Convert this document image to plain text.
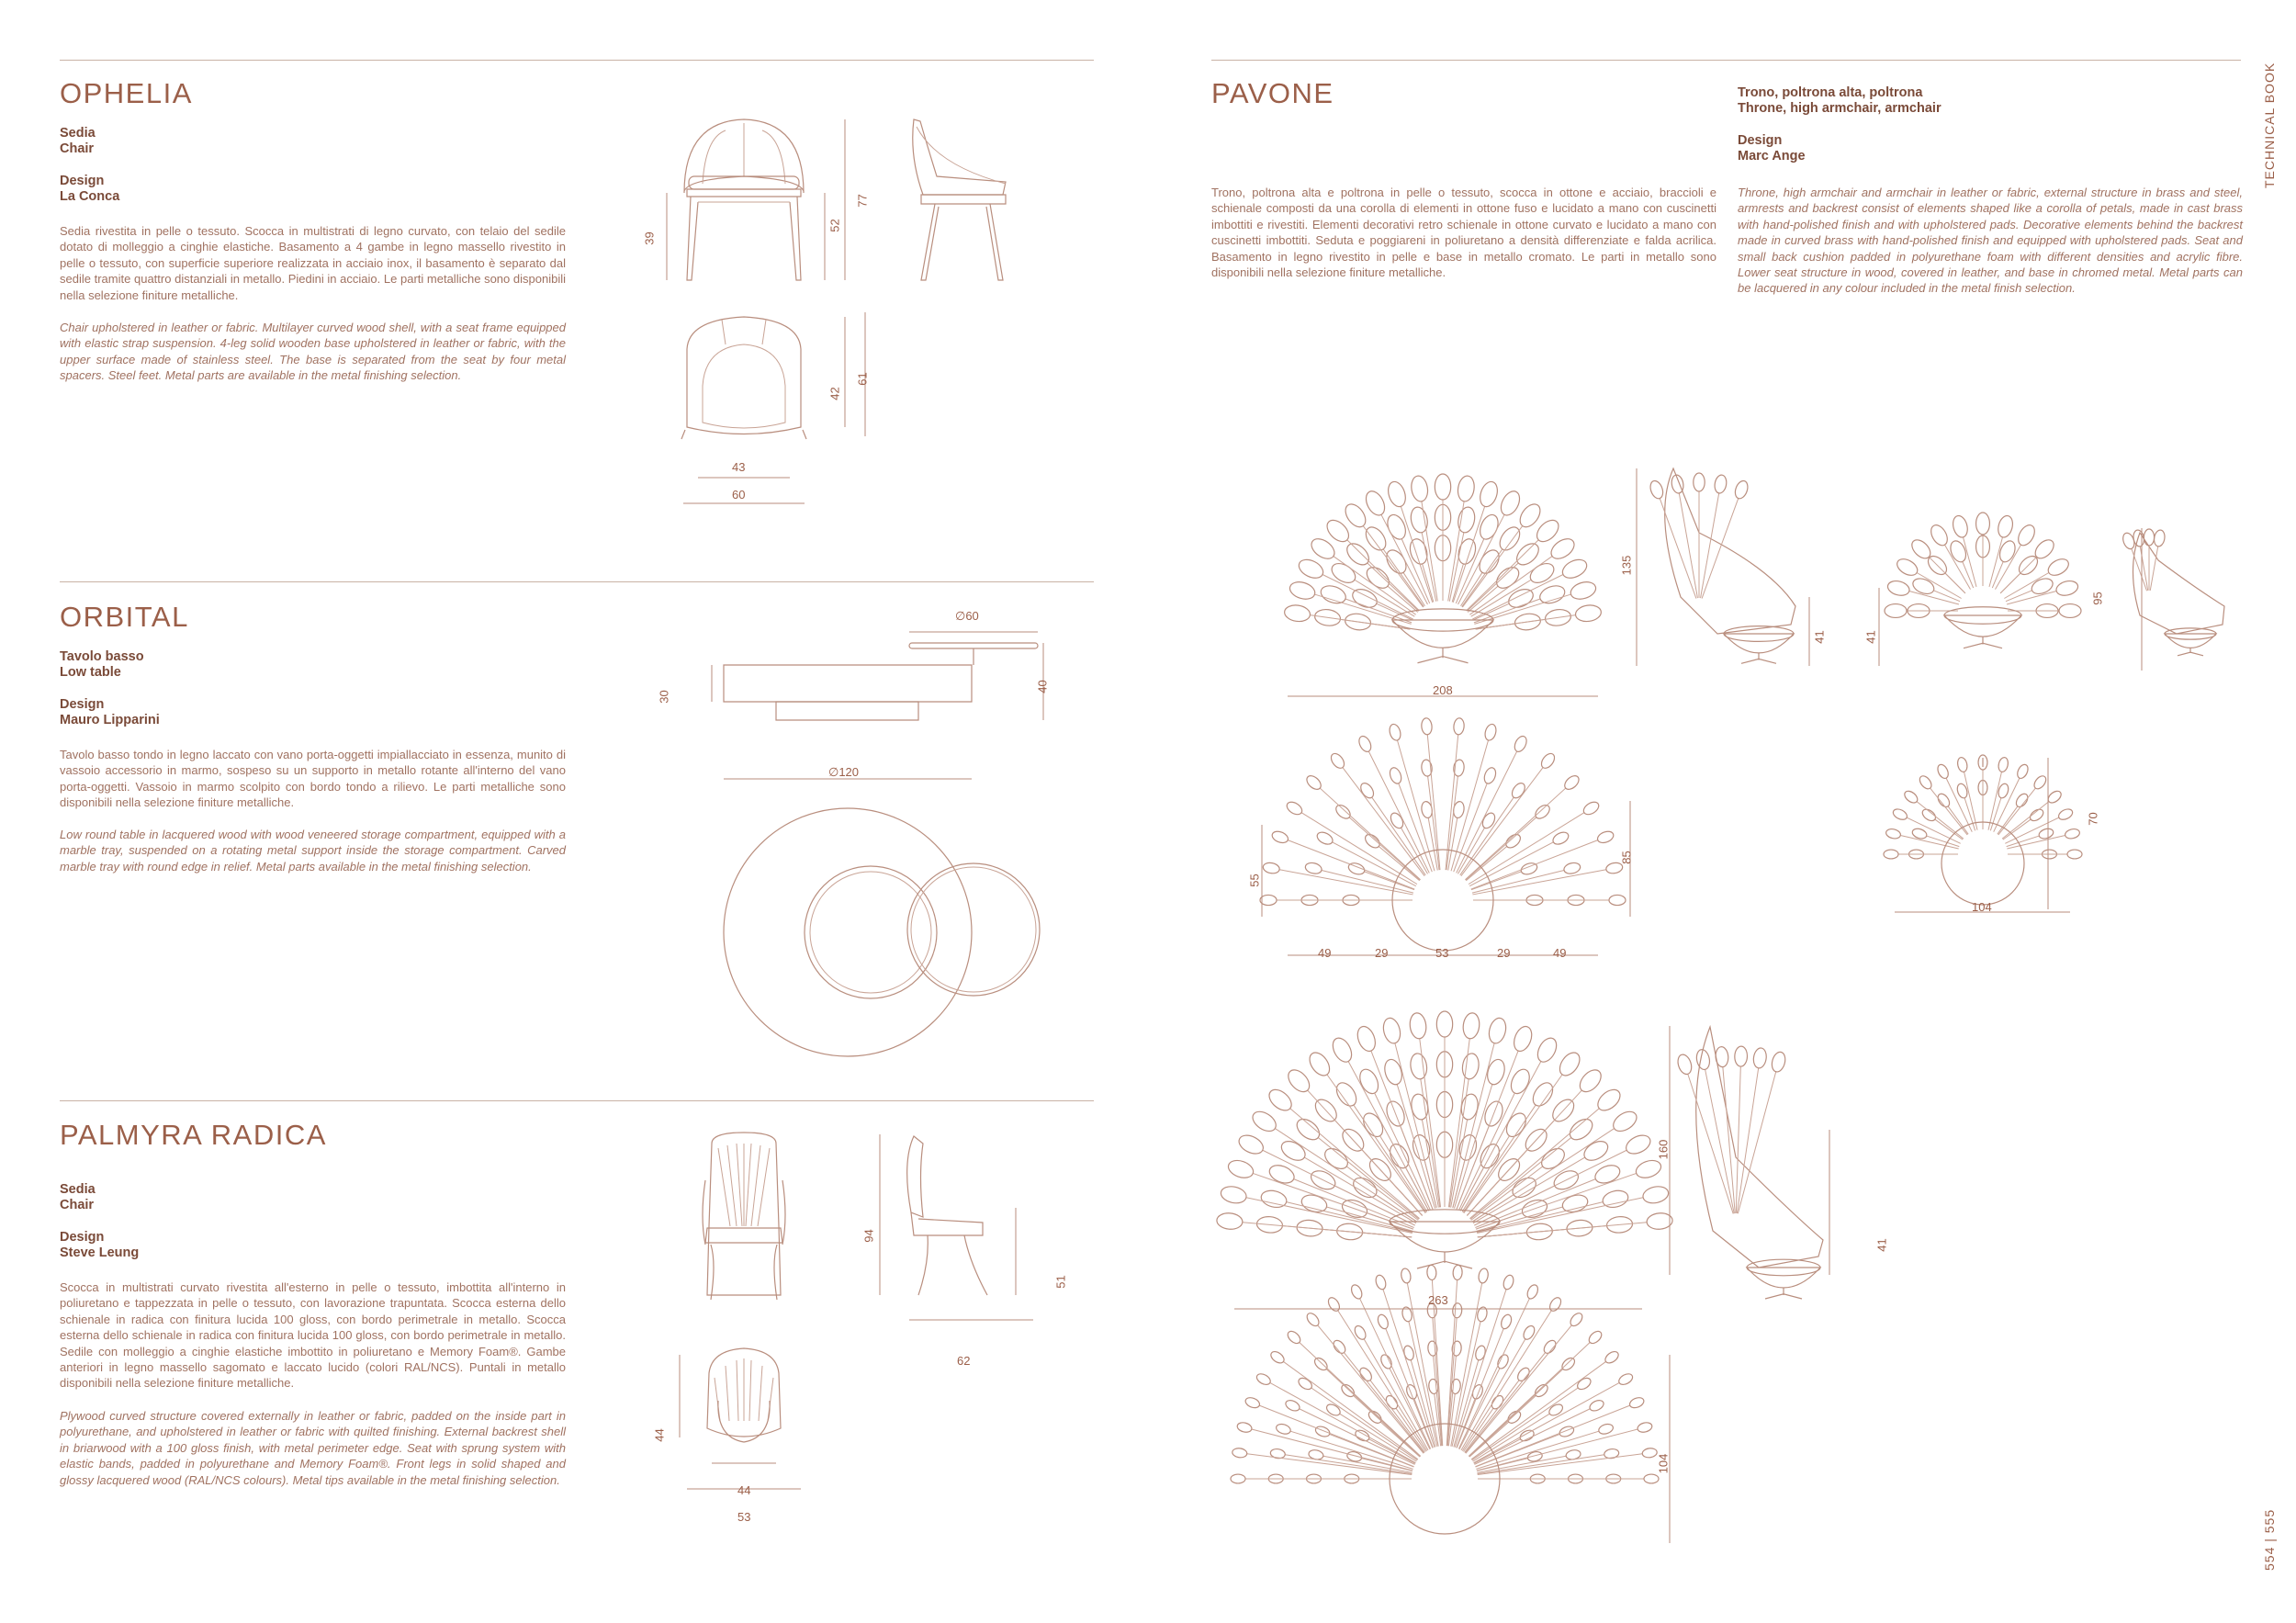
TECHNICAL BOOK
554 | 555
OPHELIA
Sedia
Chair
Design
La Conca
Sedia rivestita in pelle o tessuto. Scocca in multistrati di legno curvato, con telaio del sedile dotato di molleggio a cinghie elastiche. Basamento a 4 gambe in legno massello rivestito in pelle o tessuto, con superficie superiore realizzata in acciaio inox, il basamento è separato dal sedile tramite quattro distanziali in metallo. Piedini in acciaio. Le parti metalliche sono disponibili nella selezione finiture metalliche.
Chair upholstered in leather or fabric. Multilayer curved wood shell, with a seat frame equipped with elastic strap suspension. 4-leg solid wooden base upholstered in leather or fabric, with the upper surface made of stainless steel. The base is separated from the seat by four metal spacers. Steel feet. Metal parts are available in the metal finishing selection.
39
52
77
42
61
43
60
ORBITAL
Tavolo basso
Low table
Design
Mauro Lipparini
Tavolo basso tondo in legno laccato con vano porta-oggetti impiallacciato in essenza, munito di vassoio accessorio in marmo, sospeso su un supporto in metallo rotante all'interno del vano porta-oggetti. Vassoio in marmo scolpito con bordo tondo a rilievo. Le parti metalliche sono disponibili nella selezione finiture metalliche.
Low round table in lacquered wood with wood veneered storage compartment, equipped with a marble tray, suspended on a rotating metal support inside the storage compartment. Carved marble tray with round edge in relief. Metal parts available in the metal finishing selection.
∅60
30
40
∅120
PALMYRA RADICA
Sedia
Chair
Design
Steve Leung
Scocca in multistrati curvato rivestita all'esterno in pelle o tessuto, imbottita all'interno in poliuretano e tappezzata in pelle o tessuto, con lavorazione trapuntata. Scocca esterna dello schienale in radica con finitura lucida 100 gloss, con bordo perimetrale in metallo. Scocca esterna dello schienale in radica con finitura lucida 100 gloss, con bordo perimetrale in metallo. Sedile con molleggio a cinghie elastiche imbottito in poliuretano e Memory Foam®. Gambe anteriori in legno massello sagomato e laccato lucido (colori RAL/NCS). Puntali in metallo disponibili nella selezione finiture metalliche.
Plywood curved structure covered externally in leather or fabric, padded on the inside part in polyurethane, and upholstered in leather or fabric with quilted finishing. External backrest shell in briarwood with a 100 gloss finish, with metal perimeter edge. Seat with sprung system with elastic bands, padded in polyurethane and Memory Foam®. Front legs in solid shaped and glossy lacquered wood (RAL/NCS colours). Metal tips available in the metal finishing selection.
94
51
62
44
44
53
PAVONE	Trono, poltrona alta, poltrona
Throne, high armchair, armchair
Design
Marc Ange
Trono, poltrona alta e poltrona in pelle o tessuto, scocca in ottone e acciaio, braccioli e schienale composti da una corolla di elementi in ottone fuso e lucidato a mano con cuscinetti imbottiti e rivestiti. Elementi decorativi retro schienale in ottone curvato e lucidato a mano con cuscinetti imbottiti. Seduta e poggiareni in poliuretano a densità differenziate e falda acrilica. Basamento in legno rivestito in pelle e base in metallo cromato. Le parti in metallo sono disponibili nella selezione finiture metalliche.
Throne, high armchair and armchair in leather or fabric, external structure in brass and steel, armrests and backrest consist of elements shaped like a corolla of petals, made in cast brass with hand-polished finish and with upholstered pads. Decorative elements behind the backrest made in curved brass with hand-polished finish and equipped with upholstered pads. Seat and small back cushion padded in polyurethane foam with different densities and acrylic fibre. Lower seat structure in wood, covered in leather, and base in chromed metal. Metal parts can be lacquered in any colour included in the metal finish selection.
135
208
41	41
95
55
85
49	29	53	29	49
70
104
160
263
41
104
